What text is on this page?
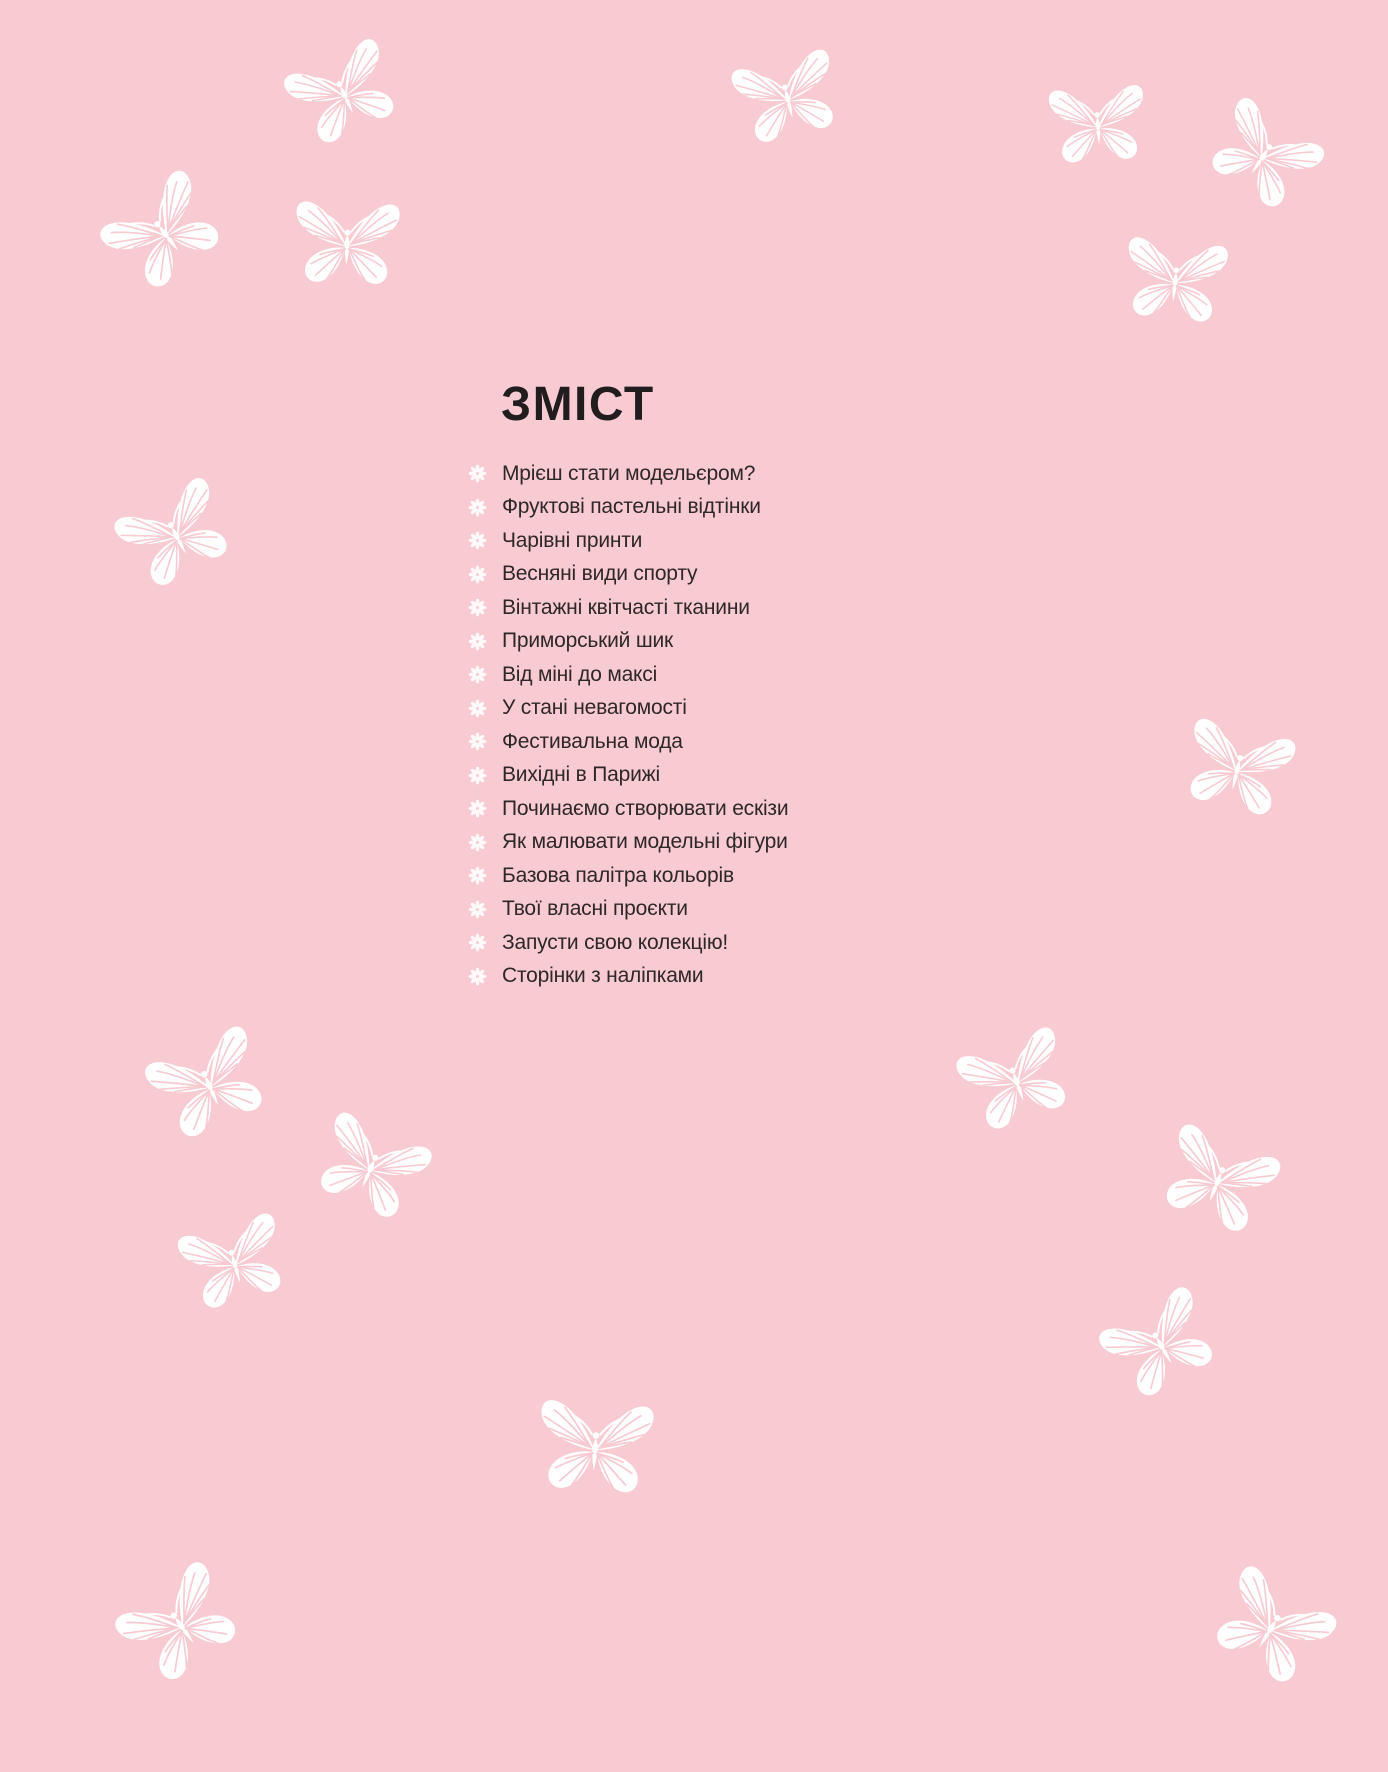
ЗМІСТ
Мрієш стати модельєром?
Фруктові пастельні відтінки
Чарівні принти
Весняні види спорту
Вінтажні квітчасті тканини
Приморський шик
Від міні до максі
У стані невагомості
Фестивальна мода
Вихідні в Парижі
Починаємо створювати ескізи
Як малювати модельні фігури
Базова палітра кольорів
Твої власні проєкти
Запусти свою колекцію!
Сторінки з наліпками
